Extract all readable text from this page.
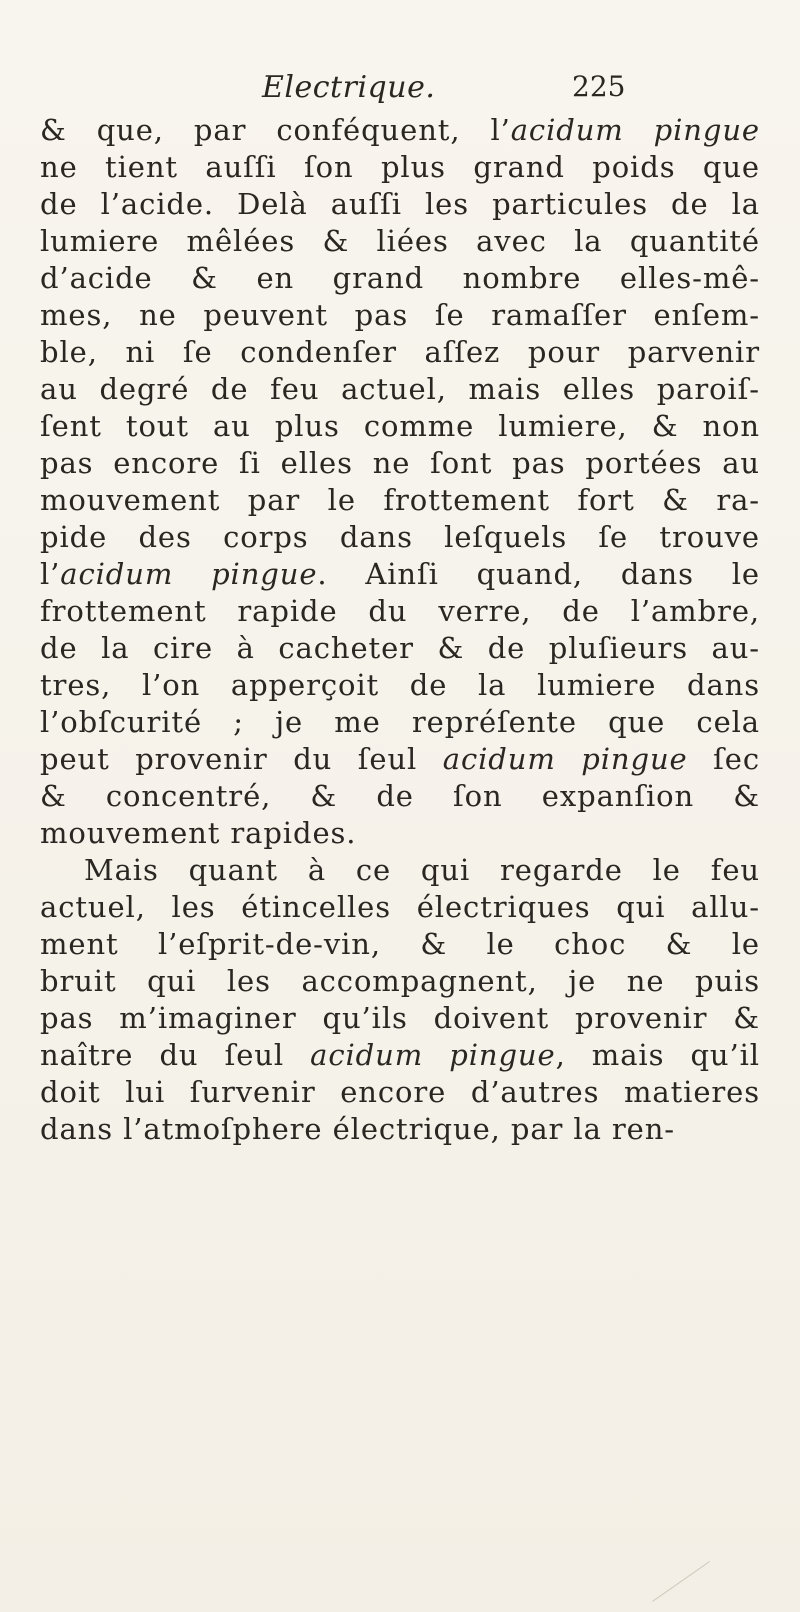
Electrique.	225
& que, par conféquent, l’acidum pingue
ne tient auſſi ſon plus grand poids que
de l’acide. Delà auſſi les particules de la
lumiere mêlées & liées avec la quantité
d’acide & en grand nombre elles-mê-
mes, ne peuvent pas ſe ramaſſer enſem-
ble, ni ſe condenſer aſſez pour parvenir
au degré de feu actuel, mais elles paroiſ-
ſent tout au plus comme lumiere, & non
pas encore ſi elles ne ſont pas portées au
mouvement par le frottement fort & ra-
pide des corps dans leſquels ſe trouve
l’acidum pingue. Ainſi quand, dans le
frottement rapide du verre, de l’ambre,
de la cire à cacheter & de pluſieurs au-
tres, l’on apperçoit de la lumiere dans
l’obſcurité ; je me repréſente que cela
peut provenir du ſeul acidum pingue ſec
& concentré, & de ſon expanſion &
mouvement rapides.
Mais quant à ce qui regarde le feu
actuel, les étincelles électriques qui allu-
ment l’eſprit-de-vin, & le choc & le
bruit qui les accompagnent, je ne puis
pas m’imaginer qu’ils doivent provenir &
naître du ſeul acidum pingue, mais qu’il
doit lui ſurvenir encore d’autres matieres
dans l’atmoſphere électrique, par la ren-
